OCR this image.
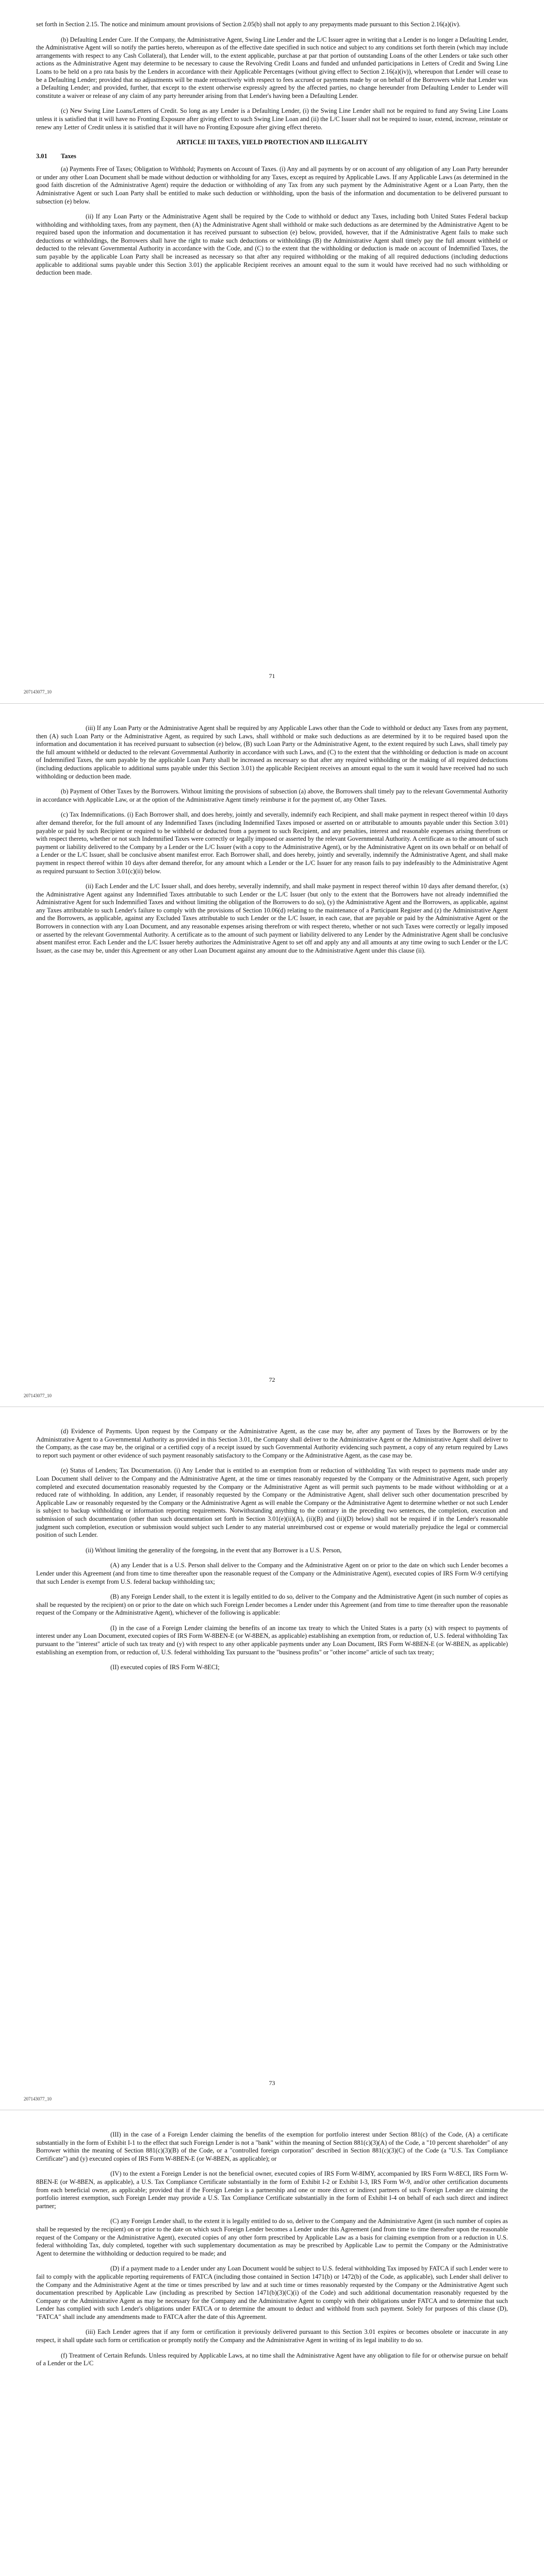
set forth in Section 2.15. The notice and minimum amount provisions of Section 2.05(b) shall not apply to any prepayments made pursuant to this Section 2.16(a)(iv).

(b) Defaulting Lender Cure. If the Company, the Administrative Agent, Swing Line Lender and the L/C Issuer agree in writing that a Lender is no longer a Defaulting Lender, the Administrative Agent will so notify the parties hereto, whereupon as of the effective date specified in such notice and subject to any conditions set forth therein (which may include arrangements with respect to any Cash Collateral), that Lender will, to the extent applicable, purchase at par that portion of outstanding Loans of the other Lenders or take such other actions as the Administrative Agent may determine to be necessary to cause the Revolving Credit Loans and funded and unfunded participations in Letters of Credit and Swing Line Loans to be held on a pro rata basis by the Lenders in accordance with their Applicable Percentages (without giving effect to Section 2.16(a)(iv)), whereupon that Lender will cease to be a Defaulting Lender; provided that no adjustments will be made retroactively with respect to fees accrued or payments made by or on behalf of the Borrowers while that Lender was a Defaulting Lender; and provided, further, that except to the extent otherwise expressly agreed by the affected parties, no change hereunder from Defaulting Lender to Lender will constitute a waiver or release of any claim of any party hereunder arising from that Lender's having been a Defaulting Lender.

(c) New Swing Line Loans/Letters of Credit. So long as any Lender is a Defaulting Lender, (i) the Swing Line Lender shall not be required to fund any Swing Line Loans unless it is satisfied that it will have no Fronting Exposure after giving effect to such Swing Line Loan and (ii) the L/C Issuer shall not be required to issue, extend, increase, reinstate or renew any Letter of Credit unless it is satisfied that it will have no Fronting Exposure after giving effect thereto.

ARTICLE III TAXES, YIELD PROTECTION AND ILLEGALITY
3.01 Taxes

(a) Payments Free of Taxes; Obligation to Withhold; Payments on Account of Taxes. (i) Any and all payments by or on account of any obligation of any Loan Party hereunder or under any other Loan Document shall be made without deduction or withholding for any Taxes, except as required by Applicable Laws. If any Applicable Laws (as determined in the good faith discretion of the Administrative Agent) require the deduction or withholding of any Tax from any such payment by the Administrative Agent or a Loan Party, then the Administrative Agent or such Loan Party shall be entitled to make such deduction or withholding, upon the basis of the information and documentation to be delivered pursuant to subsection (e) below.

(ii) If any Loan Party or the Administrative Agent shall be required by the Code to withhold or deduct any Taxes, including both United States Federal backup withholding and withholding taxes, from any payment, then (A) the Administrative Agent shall withhold or make such deductions as are determined by the Administrative Agent to be required based upon the information and documentation it has received pursuant to subsection (e) below, provided, however, that if the Administrative Agent fails to make such deductions or withholdings, the Borrowers shall have the right to make such deductions or withholdings (B) the Administrative Agent shall timely pay the full amount withheld or deducted to the relevant Governmental Authority in accordance with the Code, and (C) to the extent that the withholding or deduction is made on account of Indemnified Taxes, the sum payable by the applicable Loan Party shall be increased as necessary so that after any required withholding or the making of all required deductions (including deductions applicable to additional sums payable under this Section 3.01) the applicable Recipient receives an amount equal to the sum it would have received had no such withholding or deduction been made.

71
207143077_10

(iii) If any Loan Party or the Administrative Agent shall be required by any Applicable Laws other than the Code to withhold or deduct any Taxes from any payment, then (A) such Loan Party or the Administrative Agent, as required by such Laws, shall withhold or make such deductions as are determined by it to be required based upon the information and documentation it has received pursuant to subsection (e) below, (B) such Loan Party or the Administrative Agent, to the extent required by such Laws, shall timely pay the full amount withheld or deducted to the relevant Governmental Authority in accordance with such Laws, and (C) to the extent that the withholding or deduction is made on account of Indemnified Taxes, the sum payable by the applicable Loan Party shall be increased as necessary so that after any required withholding or the making of all required deductions (including deductions applicable to additional sums payable under this Section 3.01) the applicable Recipient receives an amount equal to the sum it would have received had no such withholding or deduction been made.

(b) Payment of Other Taxes by the Borrowers. Without limiting the provisions of subsection (a) above, the Borrowers shall timely pay to the relevant Governmental Authority in accordance with Applicable Law, or at the option of the Administrative Agent timely reimburse it for the payment of, any Other Taxes.

(c) Tax Indemnifications. (i) Each Borrower shall, and does hereby, jointly and severally, indemnify each Recipient, and shall make payment in respect thereof within 10 days after demand therefor, for the full amount of any Indemnified Taxes (including Indemnified Taxes imposed or asserted on or attributable to amounts payable under this Section 3.01) payable or paid by such Recipient or required to be withheld or deducted from a payment to such Recipient, and any penalties, interest and reasonable expenses arising therefrom or with respect thereto, whether or not such Indemnified Taxes were correctly or legally imposed or asserted by the relevant Governmental Authority. A certificate as to the amount of such payment or liability delivered to the Company by a Lender or the L/C Issuer (with a copy to the Administrative Agent), or by the Administrative Agent on its own behalf or on behalf of a Lender or the L/C Issuer, shall be conclusive absent manifest error. Each Borrower shall, and does hereby, jointly and severally, indemnify the Administrative Agent, and shall make payment in respect thereof within 10 days after demand therefor, for any amount which a Lender or the L/C Issuer for any reason fails to pay indefeasibly to the Administrative Agent as required pursuant to Section 3.01(c)(ii) below.

(ii) Each Lender and the L/C Issuer shall, and does hereby, severally indemnify, and shall make payment in respect thereof within 10 days after demand therefor, (x) the Administrative Agent against any Indemnified Taxes attributable to such Lender or the L/C Issuer (but only to the extent that the Borrowers have not already indemnified the Administrative Agent for such Indemnified Taxes and without limiting the obligation of the Borrowers to do so), (y) the Administrative Agent and the Borrowers, as applicable, against any Taxes attributable to such Lender's failure to comply with the provisions of Section 10.06(d) relating to the maintenance of a Participant Register and (z) the Administrative Agent and the Borrowers, as applicable, against any Excluded Taxes attributable to such Lender or the L/C Issuer, in each case, that are payable or paid by the Administrative Agent or the Borrowers in connection with any Loan Document, and any reasonable expenses arising therefrom or with respect thereto, whether or not such Taxes were correctly or legally imposed or asserted by the relevant Governmental Authority. A certificate as to the amount of such payment or liability delivered to any Lender by the Administrative Agent shall be conclusive absent manifest error. Each Lender and the L/C Issuer hereby authorizes the Administrative Agent to set off and apply any and all amounts at any time owing to such Lender or the L/C Issuer, as the case may be, under this Agreement or any other Loan Document against any amount due to the Administrative Agent under this clause (ii).

72
207143077_10

(d) Evidence of Payments. Upon request by the Company or the Administrative Agent, as the case may be, after any payment of Taxes by the Borrowers or by the Administrative Agent to a Governmental Authority as provided in this Section 3.01, the Company shall deliver to the Administrative Agent or the Administrative Agent shall deliver to the Company, as the case may be, the original or a certified copy of a receipt issued by such Governmental Authority evidencing such payment, a copy of any return required by Laws to report such payment or other evidence of such payment reasonably satisfactory to the Company or the Administrative Agent, as the case may be.

(e) Status of Lenders; Tax Documentation. (i) Any Lender that is entitled to an exemption from or reduction of withholding Tax with respect to payments made under any Loan Document shall deliver to the Company and the Administrative Agent, at the time or times reasonably requested by the Company or the Administrative Agent, such properly completed and executed documentation reasonably requested by the Company or the Administrative Agent as will permit such payments to be made without withholding or at a reduced rate of withholding. In addition, any Lender, if reasonably requested by the Company or the Administrative Agent, shall deliver such other documentation prescribed by Applicable Law or reasonably requested by the Company or the Administrative Agent as will enable the Company or the Administrative Agent to determine whether or not such Lender is subject to backup withholding or information reporting requirements. Notwithstanding anything to the contrary in the preceding two sentences, the completion, execution and submission of such documentation (other than such documentation set forth in Section 3.01(e)(ii)(A), (ii)(B) and (ii)(D) below) shall not be required if in the Lender's reasonable judgment such completion, execution or submission would subject such Lender to any material unreimbursed cost or expense or would materially prejudice the legal or commercial position of such Lender.

(ii) Without limiting the generality of the foregoing, in the event that any Borrower is a U.S. Person,

(A) any Lender that is a U.S. Person shall deliver to the Company and the Administrative Agent on or prior to the date on which such Lender becomes a Lender under this Agreement (and from time to time thereafter upon the reasonable request of the Company or the Administrative Agent), executed copies of IRS Form W-9 certifying that such Lender is exempt from U.S. federal backup withholding tax;

(B) any Foreign Lender shall, to the extent it is legally entitled to do so, deliver to the Company and the Administrative Agent (in such number of copies as shall be requested by the recipient) on or prior to the date on which such Foreign Lender becomes a Lender under this Agreement (and from time to time thereafter upon the reasonable request of the Company or the Administrative Agent), whichever of the following is applicable:

(I) in the case of a Foreign Lender claiming the benefits of an income tax treaty to which the United States is a party (x) with respect to payments of interest under any Loan Document, executed copies of IRS Form W-8BEN-E (or W-8BEN, as applicable) establishing an exemption from, or reduction of, U.S. federal withholding Tax pursuant to the "interest" article of such tax treaty and (y) with respect to any other applicable payments under any Loan Document, IRS Form W-8BEN-E (or W-8BEN, as applicable) establishing an exemption from, or reduction of, U.S. federal withholding Tax pursuant to the "business profits" or "other income" article of such tax treaty;

(II) executed copies of IRS Form W-8ECI;

73
207143077_10

(III) in the case of a Foreign Lender claiming the benefits of the exemption for portfolio interest under Section 881(c) of the Code, (A) a certificate substantially in the form of Exhibit I-1 to the effect that such Foreign Lender is not a "bank" within the meaning of Section 881(c)(3)(A) of the Code, a "10 percent shareholder" of any Borrower within the meaning of Section 881(c)(3)(B) of the Code, or a "controlled foreign corporation" described in Section 881(c)(3)(C) of the Code (a "U.S. Tax Compliance Certificate") and (y) executed copies of IRS Form W-8BEN-E (or W-8BEN, as applicable); or

(IV) to the extent a Foreign Lender is not the beneficial owner, executed copies of IRS Form W-8IMY, accompanied by IRS Form W-8ECI, IRS Form W-8BEN-E (or W-8BEN, as applicable), a U.S. Tax Compliance Certificate substantially in the form of Exhibit I-2 or Exhibit I-3, IRS Form W-9, and/or other certification documents from each beneficial owner, as applicable; provided that if the Foreign Lender is a partnership and one or more direct or indirect partners of such Foreign Lender are claiming the portfolio interest exemption, such Foreign Lender may provide a U.S. Tax Compliance Certificate substantially in the form of Exhibit I-4 on behalf of each such direct and indirect partner;

(C) any Foreign Lender shall, to the extent it is legally entitled to do so, deliver to the Company and the Administrative Agent (in such number of copies as shall be requested by the recipient) on or prior to the date on which such Foreign Lender becomes a Lender under this Agreement (and from time to time thereafter upon the reasonable request of the Company or the Administrative Agent), executed copies of any other form prescribed by Applicable Law as a basis for claiming exemption from or a reduction in U.S. federal withholding Tax, duly completed, together with such supplementary documentation as may be prescribed by Applicable Law to permit the Company or the Administrative Agent to determine the withholding or deduction required to be made; and

(D) if a payment made to a Lender under any Loan Document would be subject to U.S. federal withholding Tax imposed by FATCA if such Lender were to fail to comply with the applicable reporting requirements of FATCA (including those contained in Section 1471(b) or 1472(b) of the Code, as applicable), such Lender shall deliver to the Company and the Administrative Agent at the time or times prescribed by law and at such time or times reasonably requested by the Company or the Administrative Agent such documentation prescribed by Applicable Law (including as prescribed by Section 1471(b)(3)(C)(i) of the Code) and such additional documentation reasonably requested by the Company or the Administrative Agent as may be necessary for the Company and the Administrative Agent to comply with their obligations under FATCA and to determine that such Lender has complied with such Lender's obligations under FATCA or to determine the amount to deduct and withhold from such payment. Solely for purposes of this clause (D), "FATCA" shall include any amendments made to FATCA after the date of this Agreement.

(iii) Each Lender agrees that if any form or certification it previously delivered pursuant to this Section 3.01 expires or becomes obsolete or inaccurate in any respect, it shall update such form or certification or promptly notify the Company and the Administrative Agent in writing of its legal inability to do so.

(f) Treatment of Certain Refunds. Unless required by Applicable Laws, at no time shall the Administrative Agent have any obligation to file for or otherwise pursue on behalf of a Lender or the L/C
